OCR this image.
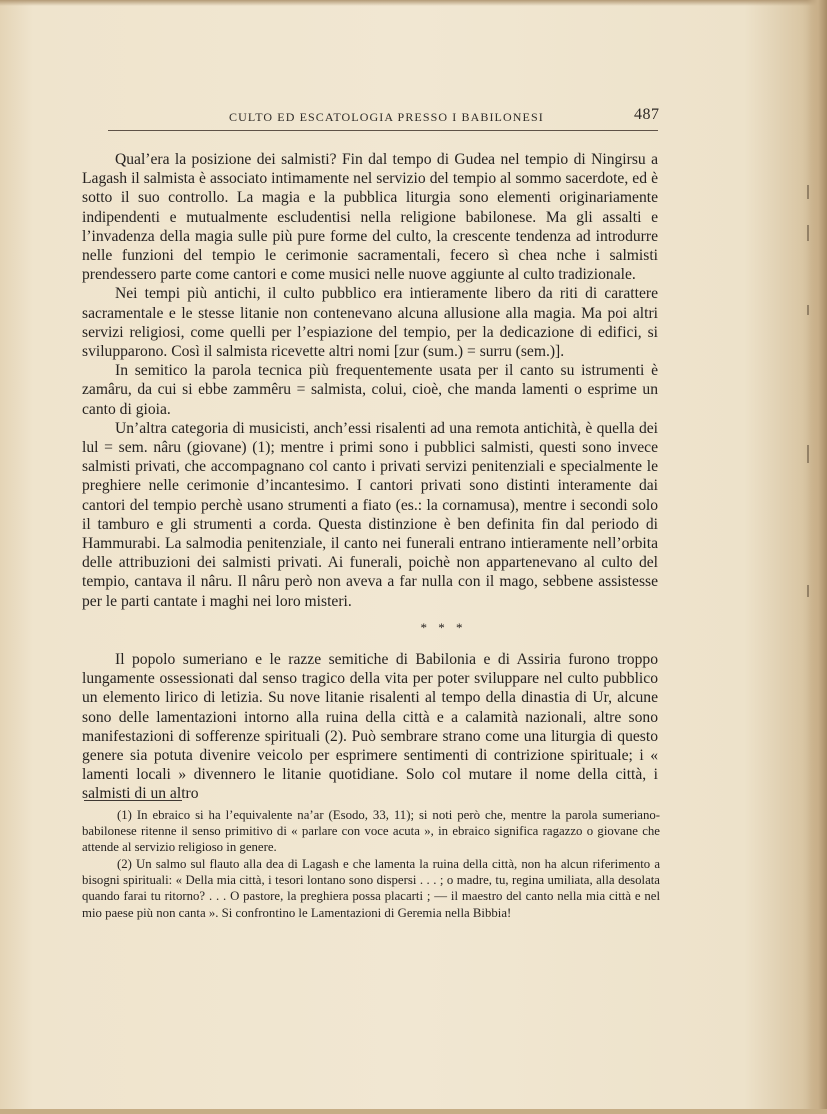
CULTO ED ESCATOLOGIA PRESSO I BABILONESI	487

Qual’era la posizione dei salmisti? Fin dal tempo di Gudea nel tempio di Ningirsu a Lagash il salmista è associato intimamente nel servizio del tempio al sommo sacerdote, ed è sotto il suo controllo. La magia e la pubblica liturgia sono elementi originariamente indipendenti e mutualmente escludentisi nella religione babilonese. Ma gli assalti e l’invadenza della magia sulle più pure forme del culto, la crescente tendenza ad introdurre nelle funzioni del tempio le cerimonie sacramentali, fecero sì chea nche i salmisti prendessero parte come cantori e come musici nelle nuove aggiunte al culto tradizionale.

Nei tempi più antichi, il culto pubblico era intieramente libero da riti di carattere sacramentale e le stesse litanie non contenevano alcuna allusione alla magia. Ma poi altri servizi religiosi, come quelli per l’espiazione del tempio, per la dedicazione di edifici, si svilupparono. Così il salmista ricevette altri nomi [zur (sum.) = surru (sem.)].

In semitico la parola tecnica più frequentemente usata per il canto su istrumenti è zamâru, da cui si ebbe zammêru = salmista, colui, cioè, che manda lamenti o esprime un canto di gioia.

Un’altra categoria di musicisti, anch’essi risalenti ad una remota antichità, è quella dei lul = sem. nâru (giovane) (1); mentre i primi sono i pubblici salmisti, questi sono invece salmisti privati, che accompagnano col canto i privati servizi penitenziali e specialmente le preghiere nelle cerimonie d’incantesimo. I cantori privati sono distinti interamente dai cantori del tempio perchè usano strumenti a fiato (es.: la cornamusa), mentre i secondi solo il tamburo e gli strumenti a corda. Questa distinzione è ben definita fin dal periodo di Hammurabi. La salmodia penitenziale, il canto nei funerali entrano intieramente nell’orbita delle attribuzioni dei salmisti privati. Ai funerali, poichè non appartenevano al culto del tempio, cantava il nâru. Il nâru però non aveva a far nulla con il mago, sebbene assistesse per le parti cantate i maghi nei loro misteri.

* * *

Il popolo sumeriano e le razze semitiche di Babilonia e di Assiria furono troppo lungamente ossessionati dal senso tragico della vita per poter sviluppare nel culto pubblico un elemento lirico di letizia. Su nove litanie risalenti al tempo della dinastia di Ur, alcune sono delle lamentazioni intorno alla ruina della città e a calamità nazionali, altre sono manifestazioni di sofferenze spirituali (2). Può sembrare strano come una liturgia di questo genere sia potuta divenire veicolo per esprimere sentimenti di contrizione spirituale; i « lamenti locali » divennero le litanie quotidiane. Solo col mutare il nome della città, i salmisti di un altro

(1) In ebraico si ha l’equivalente na’ar (Esodo, 33, 11); si noti però che, mentre la parola sumeriano-babilonese ritenne il senso primitivo di « parlare con voce acuta », in ebraico significa ragazzo o giovane che attende al servizio religioso in genere.

(2) Un salmo sul flauto alla dea di Lagash e che lamenta la ruina della città, non ha alcun riferimento a bisogni spirituali: « Della mia città, i tesori lontano sono dispersi . . . ; o madre, tu, regina umiliata, alla desolata quando farai tu ritorno? . . . O pastore, la preghiera possa placarti ; — il maestro del canto nella mia città e nel mio paese più non canta ». Si confrontino le Lamentazioni di Geremia nella Bibbia!
